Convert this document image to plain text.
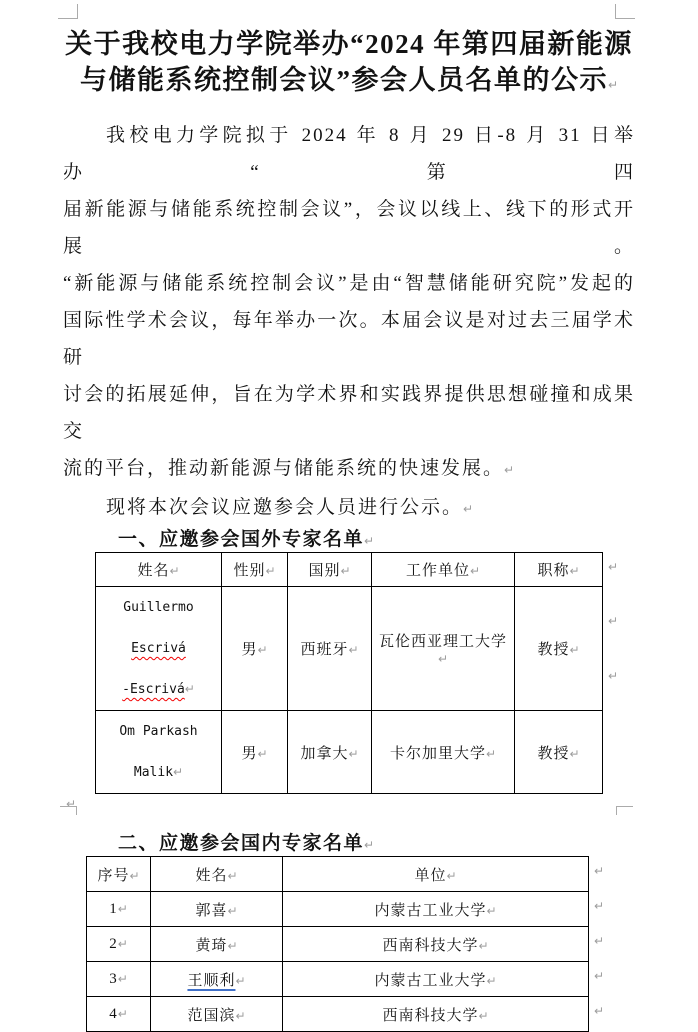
关于我校电力学院举办“2024 年第四届新能源
与储能系统控制会议”参会人员名单的公示↵
我校电力学院拟于 2024 年 8 月 29 日-8 月 31 日举办“第四
届新能源与储能系统控制会议”，会议以线上、线下的形式开展。
“新能源与储能系统控制会议”是由“智慧储能研究院”发起的
国际性学术会议，每年举办一次。本届会议是对过去三届学术研
讨会的拓展延伸，旨在为学术界和实践界提供思想碰撞和成果交
流的平台，推动新能源与储能系统的快速发展。↵
现将本次会议应邀参会人员进行公示。↵
一、应邀参会国外专家名单↵
姓名↵	性别↵	国别↵	工作单位↵	职称↵
Guillermo Escrivá
-Escrivá↵	男↵	西班牙↵	瓦伦西亚理工大学↵	教授↵
Om Parkash Malik↵	男↵	加拿大↵	卡尔加里大学↵	教授↵
↵
↵
↵
↵
二、应邀参会国内专家名单↵
序号↵	姓名↵	单位↵
1↵	郭喜↵	内蒙古工业大学↵
2↵	黄琦↵	西南科技大学↵
3↵	王顺利↵	内蒙古工业大学↵
4↵	范国滨↵	西南科技大学↵
↵
↵
↵
↵
↵
